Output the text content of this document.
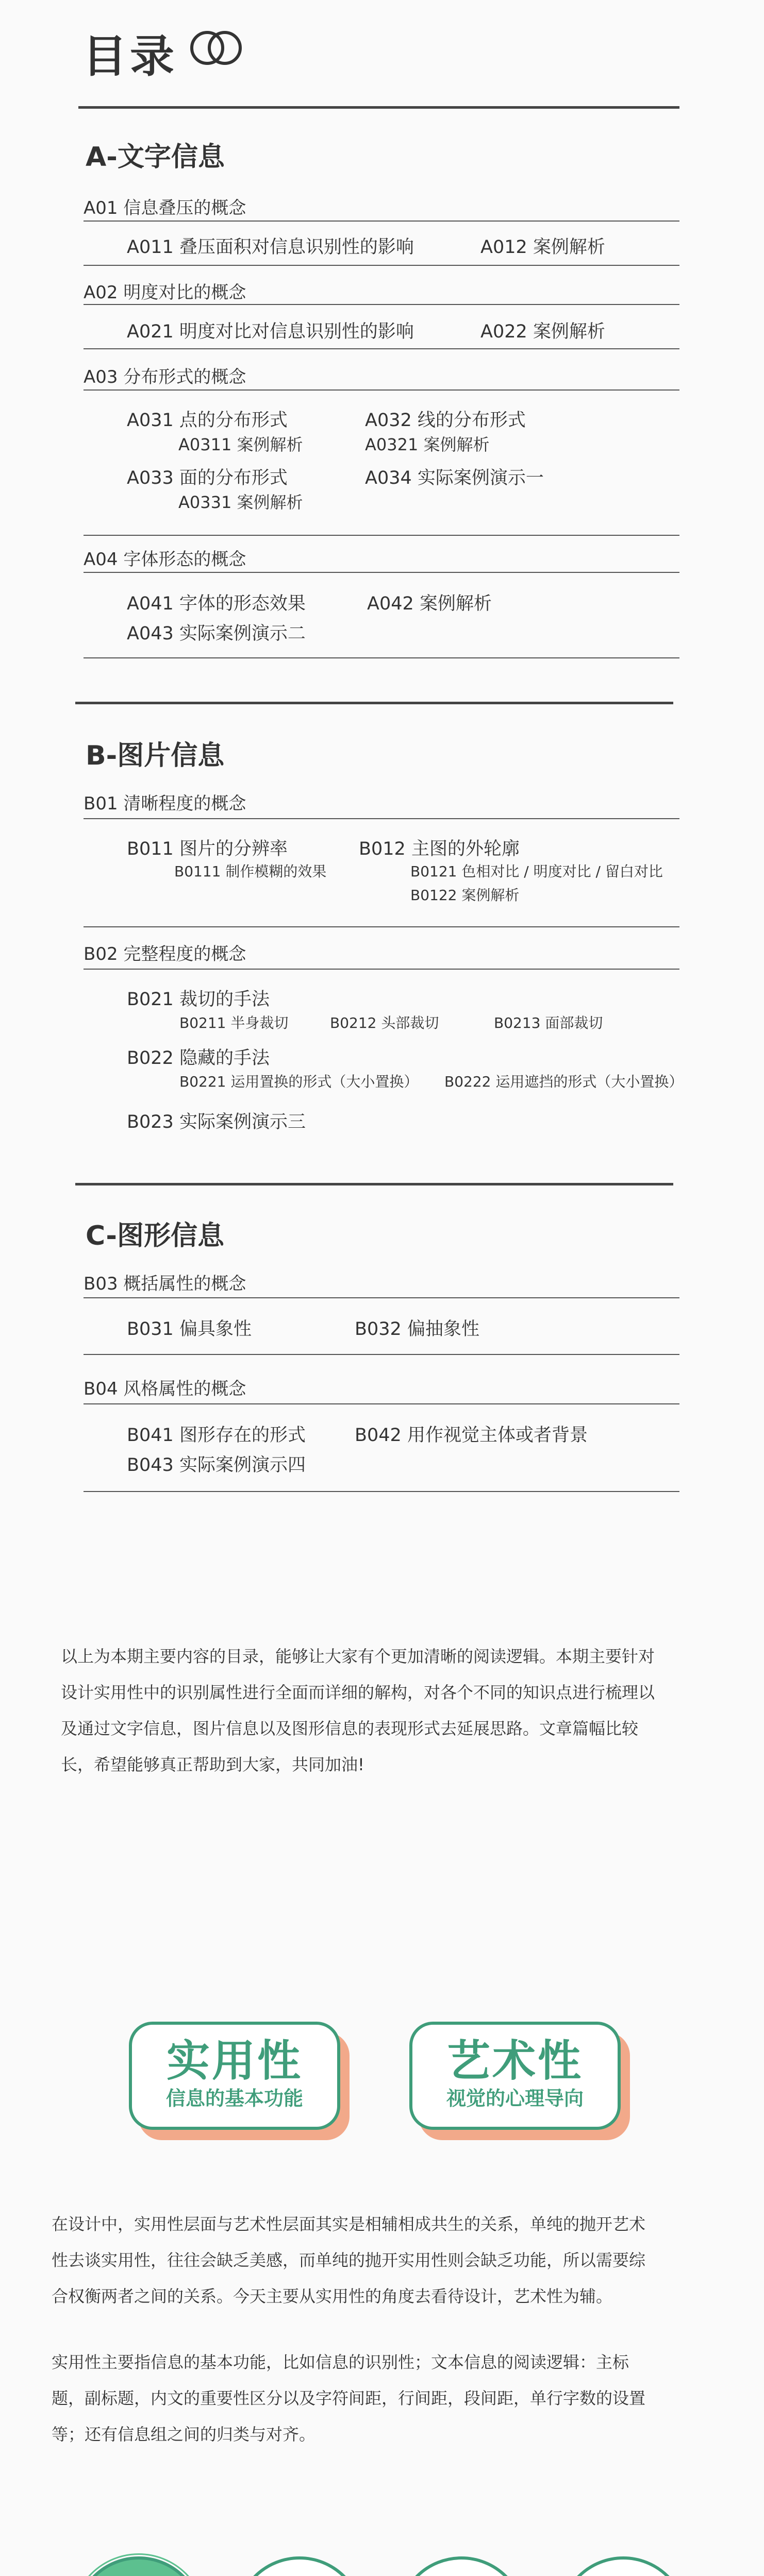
目录
A-文字信息
A01 信息叠压的概念
A011 叠压面积对信息识别性的影响	A012 案例解析
A02 明度对比的概念
A021 明度对比对信息识别性的影响	A022 案例解析
A03 分布形式的概念
A031 点的分布形式
A0311 案例解析
A032 线的分布形式
A0321 案例解析
A033 面的分布形式
A0331 案例解析
A034 实际案例演示一
A04 字体形态的概念
A041 字体的形态效果	A042 案例解析
A043 实际案例演示二
B-图片信息
B01 清晰程度的概念
B011 图片的分辨率
B0111 制作模糊的效果
B012 主图的外轮廓
B0121 色相对比 / 明度对比 / 留白对比
B0122 案例解析
B02 完整程度的概念
B021 裁切的手法
B0211 半身裁切	B0212 头部裁切	B0213 面部裁切
B022 隐藏的手法
B0221 运用置换的形式（大小置换） B0222 运用遮挡的形式（大小置换）
B023 实际案例演示三
C-图形信息
B03 概括属性的概念
B031 偏具象性	B032 偏抽象性
B04 风格属性的概念
B041 图形存在的形式	B042 用作视觉主体或者背景
B043 实际案例演示四
以上为本期主要内容的目录，能够让大家有个更加清晰的阅读逻辑。本期主要针对
设计实用性中的识别属性进行全面而详细的解构，对各个不同的知识点进行梳理以
及通过文字信息，图片信息以及图形信息的表现形式去延展思路。文章篇幅比较
长，希望能够真正帮助到大家，共同加油!
实用性
信息的基本功能
艺术性
视觉的心理导向
在设计中，实用性层面与艺术性层面其实是相辅相成共生的关系，单纯的抛开艺术
性去谈实用性，往往会缺乏美感，而单纯的抛开实用性则会缺乏功能，所以需要综
合权衡两者之间的关系。今天主要从实用性的角度去看待设计，艺术性为辅。
实用性主要指信息的基本功能，比如信息的识别性；文本信息的阅读逻辑：主标
题，副标题，内文的重要性区分以及字符间距，行间距，段间距，单行字数的设置
等；还有信息组之间的归类与对齐。
